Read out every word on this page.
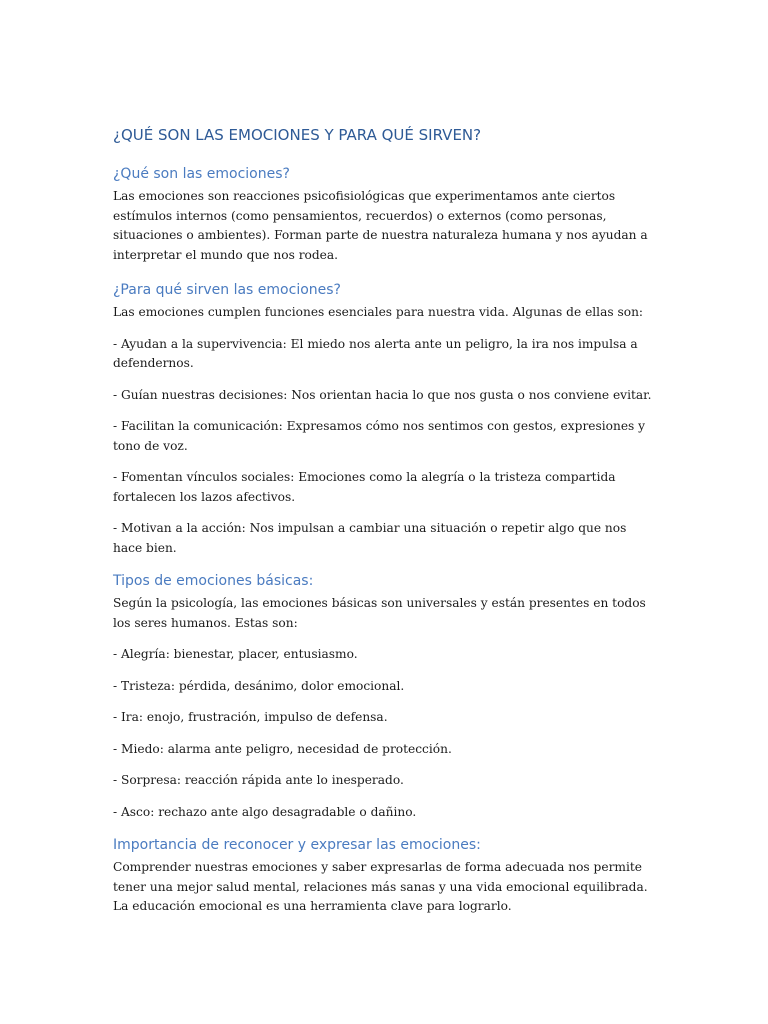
¿QUÉ SON LAS EMOCIONES Y PARA QUÉ SIRVEN?
¿Qué son las emociones?

Las emociones son reacciones psicofisiológicas que experimentamos ante ciertos estímulos internos (como pensamientos, recuerdos) o externos (como personas, situaciones o ambientes). Forman parte de nuestra naturaleza humana y nos ayudan a interpretar el mundo que nos rodea.

¿Para qué sirven las emociones?

Las emociones cumplen funciones esenciales para nuestra vida. Algunas de ellas son:

- Ayudan a la supervivencia: El miedo nos alerta ante un peligro, la ira nos impulsa a defendernos.

- Guían nuestras decisiones: Nos orientan hacia lo que nos gusta o nos conviene evitar.

- Facilitan la comunicación: Expresamos cómo nos sentimos con gestos, expresiones y tono de voz.

- Fomentan vínculos sociales: Emociones como la alegría o la tristeza compartida fortalecen los lazos afectivos.

- Motivan a la acción: Nos impulsan a cambiar una situación o repetir algo que nos hace bien.

Tipos de emociones básicas:

Según la psicología, las emociones básicas son universales y están presentes en todos los seres humanos. Estas son:

- Alegría: bienestar, placer, entusiasmo.

- Tristeza: pérdida, desánimo, dolor emocional.

- Ira: enojo, frustración, impulso de defensa.

- Miedo: alarma ante peligro, necesidad de protección.

- Sorpresa: reacción rápida ante lo inesperado.

- Asco: rechazo ante algo desagradable o dañino.

Importancia de reconocer y expresar las emociones:

Comprender nuestras emociones y saber expresarlas de forma adecuada nos permite tener una mejor salud mental, relaciones más sanas y una vida emocional equilibrada. La educación emocional es una herramienta clave para lograrlo.
